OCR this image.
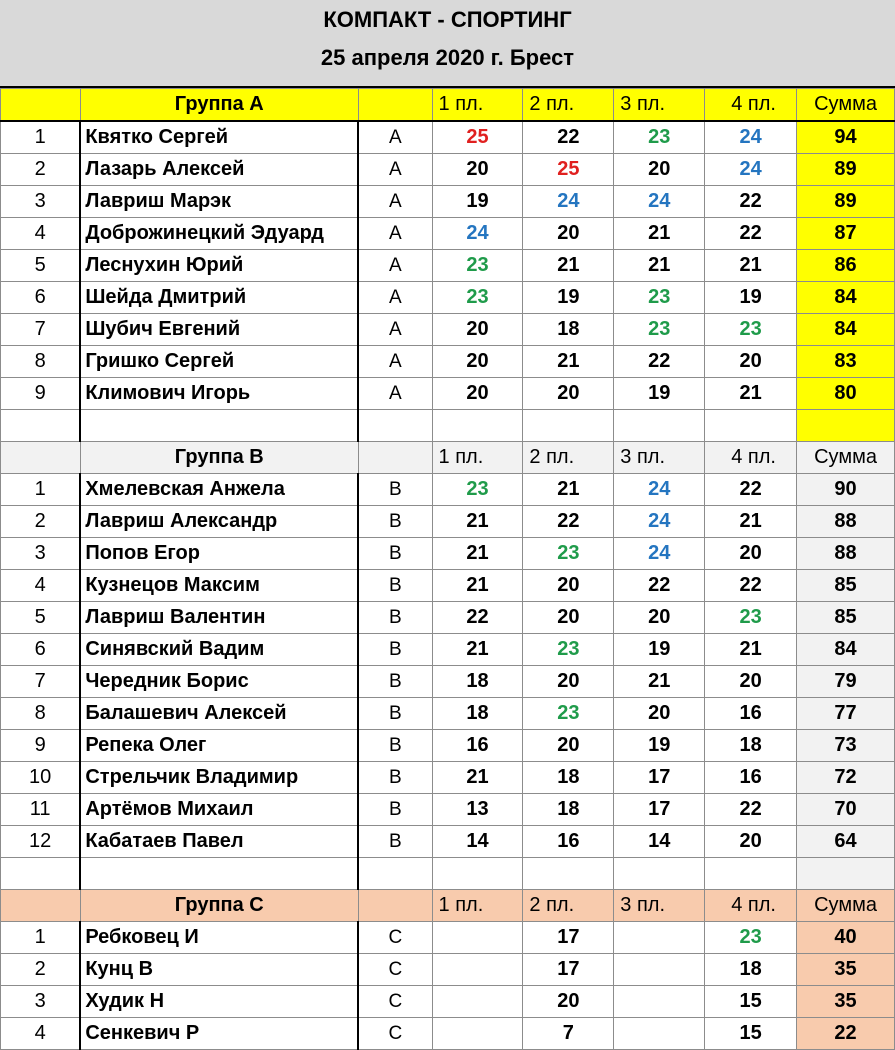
КОМПАКТ - СПОРТИНГ
25 апреля 2020 г. Брест
	Группа А		1 пл.	2 пл.	3 пл.	4 пл.	Сумма
1	Квятко Сергей	А	25	22	23	24	94
2	Лазарь Алексей	А	20	25	20	24	89
3	Лавриш Марэк	А	19	24	24	22	89
4	Доброжинецкий Эдуард	А	24	20	21	22	87
5	Леснухин Юрий	А	23	21	21	21	86
6	Шейда Дмитрий	А	23	19	23	19	84
7	Шубич Евгений	А	20	18	23	23	84
8	Гришко Сергей	А	20	21	22	20	83
9	Климович Игорь	А	20	20	19	21	80

	Группа В		1 пл.	2 пл.	3 пл.	4 пл.	Сумма
1	Хмелевская Анжела	В	23	21	24	22	90
2	Лавриш Александр	В	21	22	24	21	88
3	Попов Егор	В	21	23	24	20	88
4	Кузнецов Максим	В	21	20	22	22	85
5	Лавриш Валентин	В	22	20	20	23	85
6	Синявский Вадим	В	21	23	19	21	84
7	Чередник Борис	В	18	20	21	20	79
8	Балашевич Алексей	В	18	23	20	16	77
9	Репека Олег	В	16	20	19	18	73
10	Стрельчик Владимир	В	21	18	17	16	72
11	Артёмов Михаил	В	13	18	17	22	70
12	Кабатаев Павел	В	14	16	14	20	64

	Группа С		1 пл.	2 пл.	3 пл.	4 пл.	Сумма
1	Ребковец И	С		17		23	40
2	Кунц В	С		17		18	35
3	Худик Н	С		20		15	35
4	Сенкевич Р	С		7		15	22
